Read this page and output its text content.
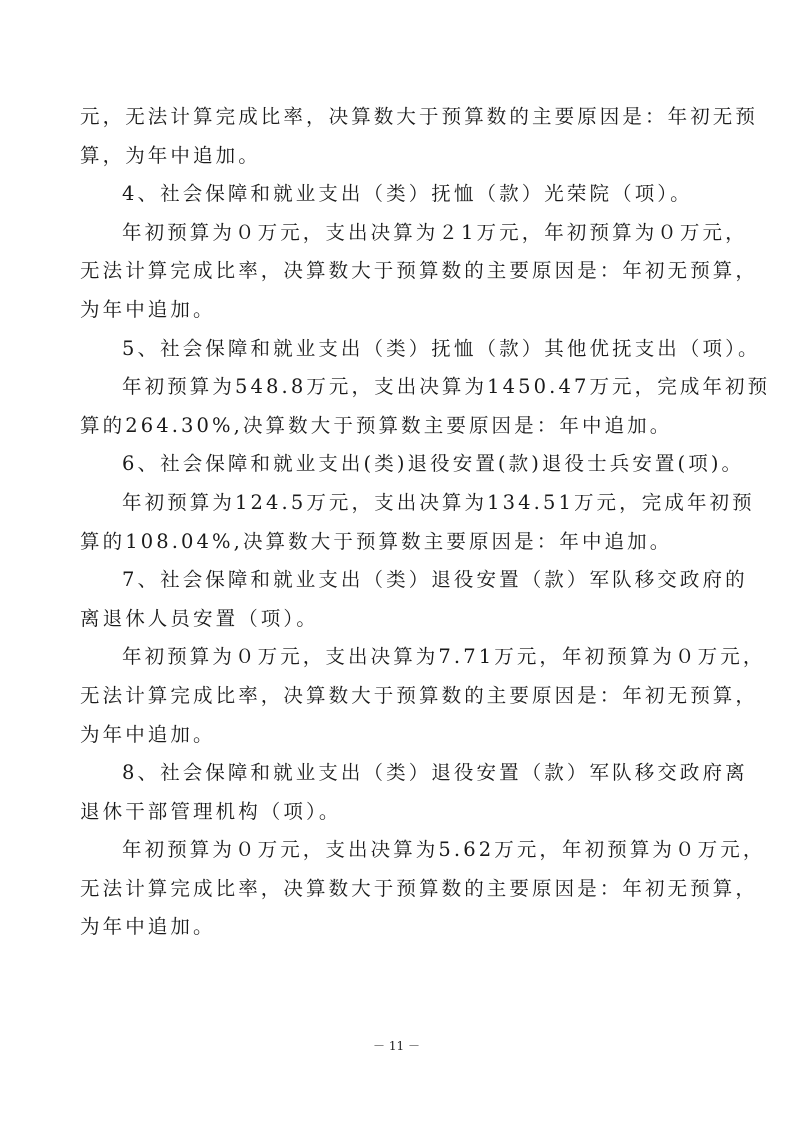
元，无法计算完成比率，决算数大于预算数的主要原因是：年初无预
算，为年中追加。
4、社会保障和就业支出（类）抚恤（款）光荣院（项）。
年初预算为０万元，支出决算为２1万元，年初预算为０万元，
无法计算完成比率，决算数大于预算数的主要原因是：年初无预算，
为年中追加。
5、社会保障和就业支出（类）抚恤（款）其他优抚支出（项）。
年初预算为548.8万元，支出决算为1450.47万元，完成年初预
算的264.30%,决算数大于预算数主要原因是：年中追加。
6、社会保障和就业支出(类)退役安置(款)退役士兵安置(项)。
年初预算为124.5万元，支出决算为134.51万元，完成年初预
算的108.04%,决算数大于预算数主要原因是：年中追加。
7、社会保障和就业支出（类）退役安置（款）军队移交政府的
离退休人员安置（项）。
年初预算为０万元，支出决算为7.71万元，年初预算为０万元，
无法计算完成比率，决算数大于预算数的主要原因是：年初无预算，
为年中追加。
8、社会保障和就业支出（类）退役安置（款）军队移交政府离
退休干部管理机构（项）。
年初预算为０万元，支出决算为5.62万元，年初预算为０万元，
无法计算完成比率，决算数大于预算数的主要原因是：年初无预算，
为年中追加。
－ 11 －
